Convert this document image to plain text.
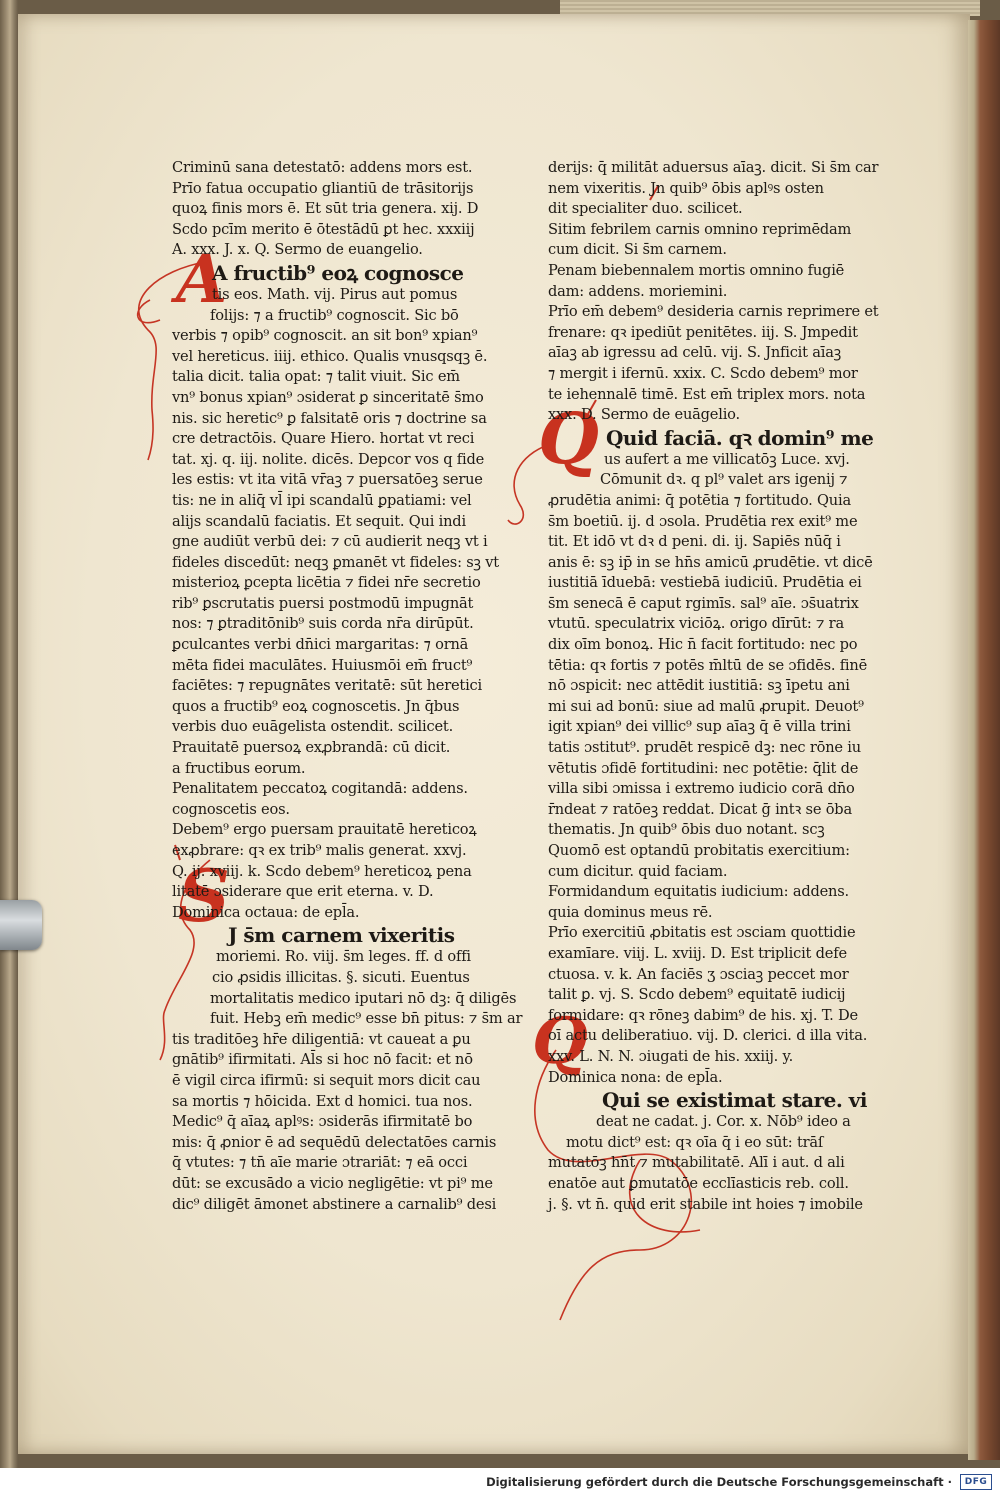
A
S
Q
Q
Criminū sana detestatō: addens mors est.
Prīo fatua occupatio gliantiū de trāsitorijs
quoꝝ finis mors ē. Et sūt tria genera. xij. D
Scdo pcīm merito ē ōtestādū ꝑt hec. xxxiij
A. xxx. J. x. Q. Sermo de euangelio.
A fructib⁹ eoꝝ cognosce
tis eos. Math. vij. Pirus aut pomus
folijs: ⁊ a fructib⁹ cognoscit. Sic bō
verbis ⁊ opib⁹ cognoscit. an sit bon⁹ xpian⁹
vel hereticus. iiij. ethico. Qualis vnusqsqꝫ ē.
talia dicit. talia opat: ⁊ talit viuit. Sic em̄
vn⁹ bonus xpian⁹ ɔsiderat ꝑ sinceritatē s̄mo
nis. sic heretic⁹ ꝑ falsitatē oris ⁊ doctrine sa
cre detractōis. Quare Hiero. hortat vt reci
tat. xj. q. iij. nolite. dicēs. Depcor vos q fide
les estis: vt ita vitā vr̄aꝫ ⁊ puersatōeꝫ serue
tis: ne in aliq̄ vl̄ ipi scandalū ꝑpatiami: vel
alijs scandalū faciatis. Et sequit. Qui indi
gne audiūt verbū dei: ⁊ cū audierit neqꝫ vt i
fideles discedūt: neqꝫ ꝑmanēt vt fideles: sꝫ vt
misterioꝝ ꝑcepta licētia ⁊ fidei nr̄e secretio
rib⁹ ꝑscrutatis puersi postmodū impugnāt
nos: ⁊ ꝑtraditōnib⁹ suis corda nr̄a dirūpūt.
ꝑculcantes verbi dn̄ici margaritas: ⁊ ornā
mēta fidei maculātes. Huiusmōi em̄ fruct⁹
faciētes: ⁊ repugnātes veritatē: sūt heretici
quos a fructib⁹ eoꝝ cognoscetis. Jn q̄bus
verbis duo euāgelista ostendit. scilicet.
Prauitatē puersoꝝ exꝓbrandā: cū dicit.
a fructibus eorum.
Penalitatem peccatoꝝ cogitandā: addens.
cognoscetis eos.
Debem⁹ ergo puersam prauitatē hereticoꝝ
exꝓbrare: qꝛ ex trib⁹ malis generat. xxvj.
Q. ij. xviij. k. Scdo debem⁹ hereticoꝝ pena
litatē ɔsiderare que erit eterna. v. D.
Dominica octaua: de epl̄a.
J s̄m carnem vixeritis
moriemi. Ro. viij. s̄m leges. ff. d offi
cio ꝓsidis illicitas. §. sicuti. Euentus
mortalitatis medico iputari nō dꝫ: q̄ diligēs
fuit. Hebꝫ em̄ medic⁹ esse bn̄ pitus: ⁊ s̄m ar
tis traditōeꝫ hr̄e diligentiā: vt caueat a ꝑu
gnātib⁹ ifirmitati. Al̄s si hoc nō facit: et nō
ē vigil circa ifirmū: si sequit mors dicit cau
sa mortis ⁊ hōicida. Ext d homici. tua nos.
Medic⁹ q̄ aīaꝝ aplꝰs: ɔsiderās ifirmitatē bo
mis: q̄ ꝓnior ē ad sequēdū delectatōes carnis
q̄ vtutes: ⁊ tn̄ aīe marie ɔtrariāt: ⁊ eā occi
dūt: se excusādo a vicio negligētie: vt pi⁹ me
dic⁹ diligēt āmonet abstinere a carnalib⁹ desi
derijs: q̄ militāt aduersus aīaꝫ. dicit. Si s̄m car
nem vixeritis. Jn quib⁹ ōbis aplꝰs osten
dit specialiter duo. scilicet.
Sitim febrilem carnis omnino reprimēdam
cum dicit. Si s̄m carnem.
Penam biebennalem mortis omnino fugiē
dam: addens. moriemini.
Prīo em̄ debem⁹ desideria carnis reprimere et
frenare: qꝛ ipediūt penitētes. iij. S. Jmpedit
aīaꝫ ab igressu ad celū. vij. S. Jnficit aīaꝫ
⁊ mergit i ifernū. xxix. C. Scdo debem⁹ mor
te iehennalē timē. Est em̄ triplex mors. nota
xxx. D. Sermo de euāgelio.
Quid faciā. qꝛ domin⁹ me
us aufert a me villicatōꝫ Luce. xvj.
Cōmunit dꝛ. q pl⁹ valet ars igenij ⁊
ꝓrudētia animi: q̄ potētia ⁊ fortitudo. Quia
s̄m boetiū. ij. d ɔsola. Prudētia rex exit⁹ me
tit. Et idō vt dꝛ d peni. di. ij. Sapiēs nūq̄ i
anis ē: sꝫ ip̄ in se hn̄s amicū ꝓrudētie. vt dicē
iustitiā īduebā: vestiebā iudiciū. Prudētia ei
s̄m senecā ē caput rgimīs. sal⁹ aīe. ɔs̄uatrix
vtutū. speculatrix viciōꝝ. origo dīrūt: ⁊ ra
dix oīm bonoꝝ. Hic n̄ facit fortitudo: nec po
tētia: qꝛ fortis ⁊ potēs m̄ltū de se ɔfidēs. finē
nō ɔspicit: nec attēdit iustitiā: sꝫ īpetu ani
mi sui ad bonū: siue ad malū ꝓrupit. Deuot⁹
igit xpian⁹ dei villic⁹ sup aīaꝫ q̄ ē villa trini
tatis ɔstitut⁹. prudēt respicē dꝫ: nec rōne iu
vētutis ɔfidē fortitudini: nec potētie: q̄lit de
villa sibi ɔmissa i extremo iudicio corā dn̄o
r̄ndeat ⁊ ratōeꝫ reddat. Dicat ḡ intꝛ se ōba
thematis. Jn quib⁹ ōbis duo notant. scꝫ
Quomō est optandū probitatis exercitium:
cum dicitur. quid faciam.
Formidandum equitatis iudicium: addens.
quia dominus meus rē.
Prīo exercitiū ꝓbitatis est ɔsciam quottidie
examīare. viij. L. xviij. D. Est triplicit defe
ctuosa. v. k. An faciēs ʒ ɔsciaꝫ peccet mor
talit ꝑ. vj. S. Scdo debem⁹ equitatē iudicij
formidare: qꝛ rōneꝫ dabim⁹ de his. xj. T. De
oī actu deliberatiuo. vij. D. clerici. d illa vita.
xxv. L. N. N. ɔiugati de his. xxiij. y.
Dominica nona: de epl̄a.
Qui se existimat stare. vi
deat ne cadat. j. Cor. x. Nōb⁹ ideo a
motu dict⁹ est: qꝛ oīa q̄ i eo sūt: trāſ
mutatōꝫ hn̄t ⁊ mutabilitatē. Alī i aut. d ali
enatōe aut ꝑmutatōe ecclīasticis reb. coll.
j. §. vt n̄. quid erit stabile int hoies ⁊ imobile
Digitalisierung gefördert durch die Deutsche Forschungsgemeinschaft ·	DFG
